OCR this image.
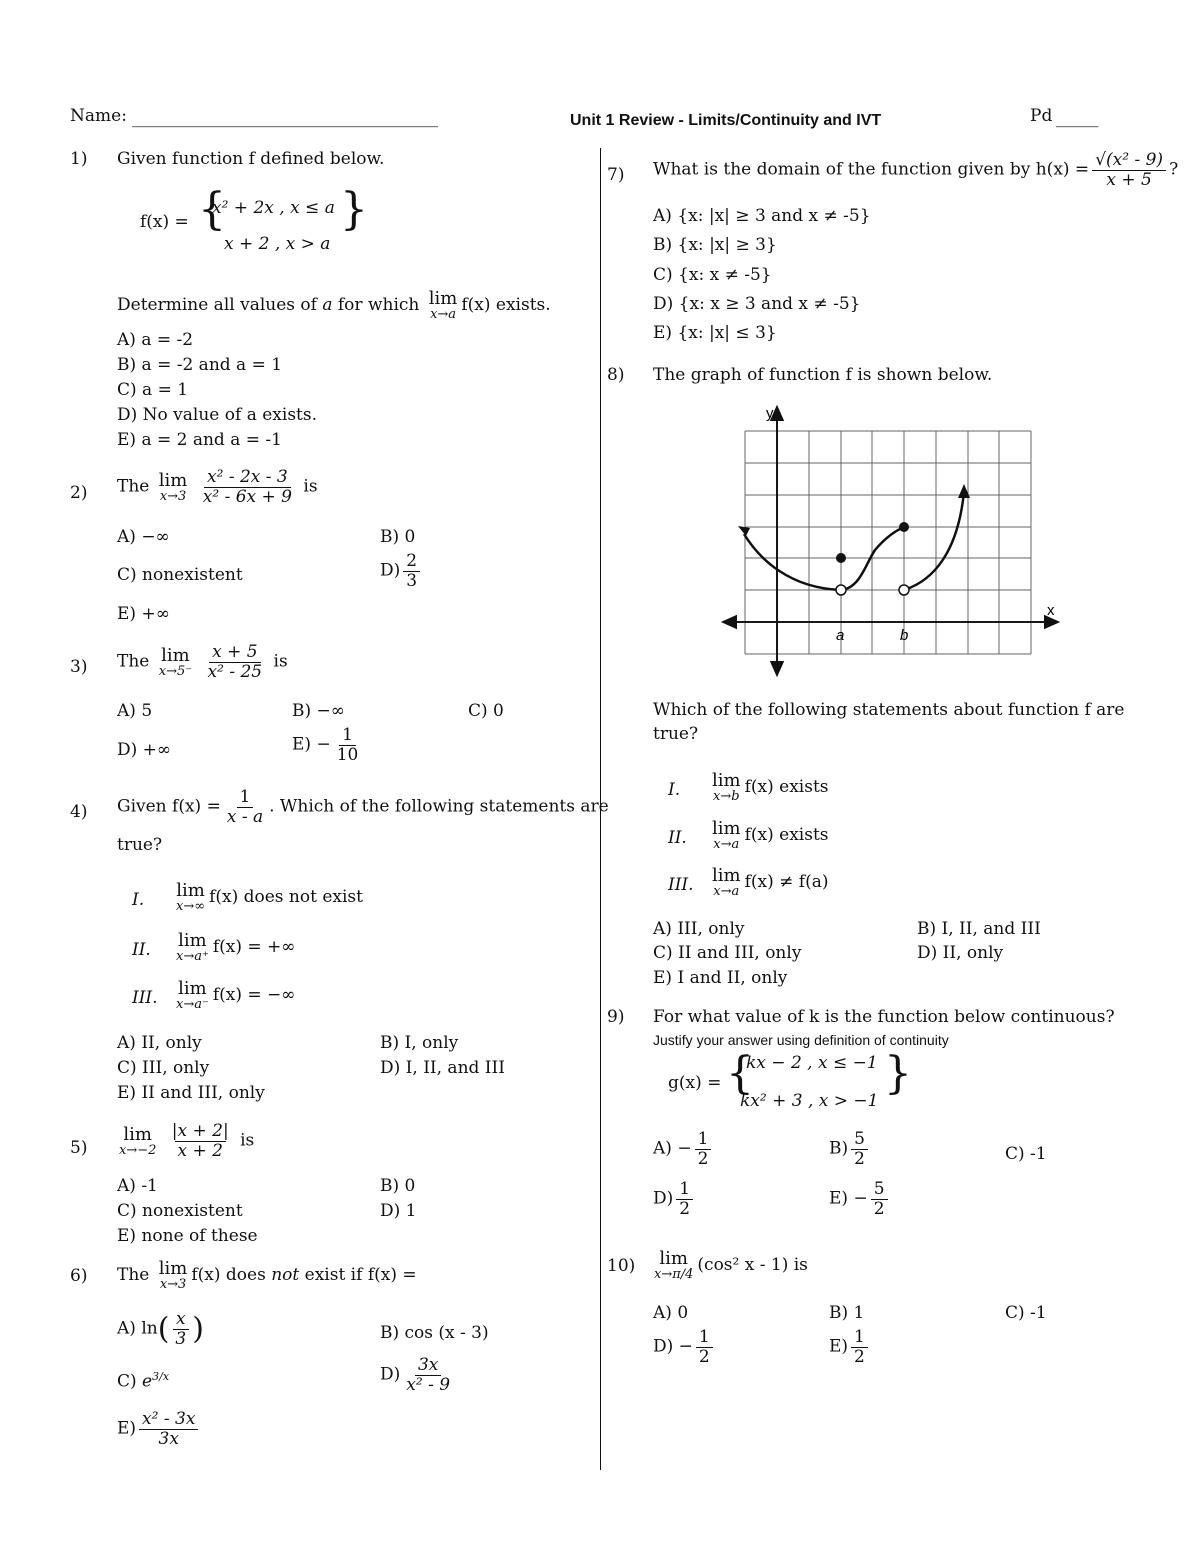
Name: ____________________________________	Unit 1 Review - Limits/Continuity and IVT	Pd _____
1) Given function f defined below.
f(x) = {
x² + 2x , x ≤ a
x + 2 , x > a
}
Determine all values of a for which lim
x→a f(x) exists.
A) a = -2
B) a = -2 and a = 1
C) a = 1
D) No value of a exists.
E) a = 2 and a = -1
2) The lim
x→3
$\frac{\text{x² - 2x - 3}}{\text{x² - 6x + 9}}$ is
A) −∞	B) 0
C) nonexistent	$D) \frac{2}{3}$
E) +∞
3) The lim
x→5⁻
$\frac{x + 5}{\text{x² - 25}}$ is
A) 5	B) −∞	C) 0
D) +∞	$E) - \frac{1}{10}$
4) Given $f(x) = \frac{1}{x - a}$ . Which of the following statements are
true?
I. lim
x→∞ f(x) does not exist
II. lim
x→a⁺ f(x) = +∞
III. lim
x→a⁻ f(x) = −∞
A) II, only	B) I, only
C) III, only	D) I, II, and III
E) II and III, only
5)
lim
x→−2
$\frac{|x + 2|}{x + 2}$ is
A) -1	B) 0
C) nonexistent	D) 1
E) none of these
6) The lim
x→3 f(x) does not exist if f(x) =
A) $\ln( \frac{x}{3}$ )	B) cos (x - 3)
C) $e^{3/x}$	$D) \frac{3x}{\text{x² - 9}}$
$E) \frac{\text{x² - 3x}}{3x}$
7) What is the domain of the function given by $h(x) = \frac{\text{√(x² - 9)}}{x + 5}$ ?
A) {x: |x| ≥ 3 and x ≠ -5}
B) {x: |x| ≥ 3}
C) {x: x ≠ -5}
D) {x: x ≥ 3 and x ≠ -5}
E) {x: |x| ≤ 3}
8) The graph of function f is shown below.
y
x
a	b
Which of the following statements about function f are
true?
I. lim
x→b f(x) exists
II. lim
x→a f(x) exists
III. lim
x→a f(x) ≠ f(a)
A) III, only	B) I, II, and III
C) II and III, only	D) II, only
E) I and II, only
9) For what value of k is the function below continuous?
Justify your answer using definition of continuity
g(x) = {
kx − 2 , x ≤ −1
kx² + 3 , x > −1
}
$A) - \frac{1}{2}$	$B) \frac{5}{2}$	C) -1
$D) \frac{1}{2}$	$E) - \frac{5}{2}$
10) lim
x→π/4 (cos² x - 1) is
A) 0	B) 1	C) -1
$D) - \frac{1}{2}$	$E) \frac{1}{2}$
